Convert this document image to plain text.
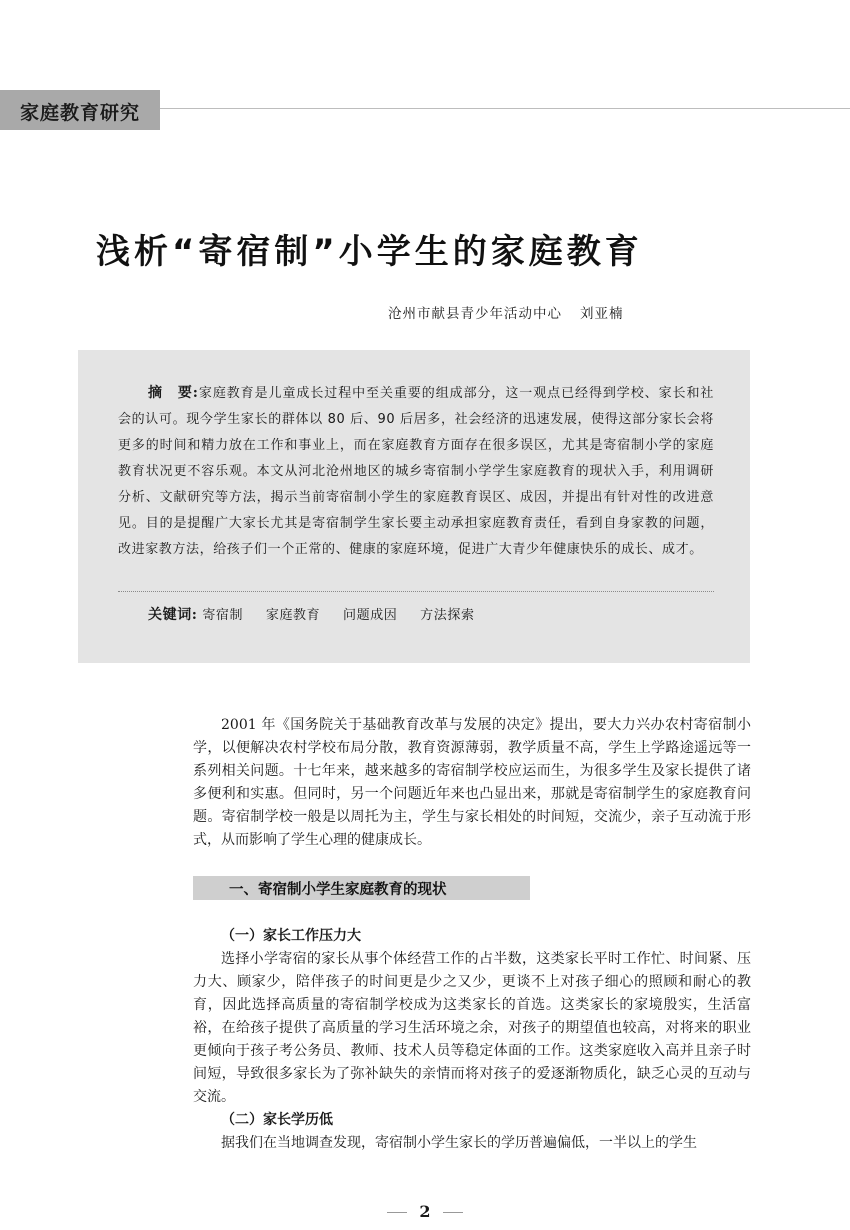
家庭教育研究
浅析“寄宿制”小学生的家庭教育
沧州市献县青少年活动中心 刘亚楠
摘　要:家庭教育是儿童成长过程中至关重要的组成部分，这一观点已经得到学校、家长和社会的认可。现今学生家长的群体以 80 后、90 后居多，社会经济的迅速发展，使得这部分家长会将更多的时间和精力放在工作和事业上，而在家庭教育方面存在很多误区，尤其是寄宿制小学的家庭教育状况更不容乐观。本文从河北沧州地区的城乡寄宿制小学学生家庭教育的现状入手，利用调研分析、文献研究等方法，揭示当前寄宿制小学生的家庭教育误区、成因，并提出有针对性的改进意见。目的是提醒广大家长尤其是寄宿制学生家长要主动承担家庭教育责任，看到自身家教的问题，改进家教方法，给孩子们一个正常的、健康的家庭环境，促进广大青少年健康快乐的成长、成才。
关键词: 寄宿制 家庭教育 问题成因 方法探索

2001 年《国务院关于基础教育改革与发展的决定》提出，要大力兴办农村寄宿制小学，以便解决农村学校布局分散，教育资源薄弱，教学质量不高，学生上学路途遥远等一系列相关问题。十七年来，越来越多的寄宿制学校应运而生，为很多学生及家长提供了诸多便利和实惠。但同时，另一个问题近年来也凸显出来，那就是寄宿制学生的家庭教育问题。寄宿制学校一般是以周托为主，学生与家长相处的时间短，交流少，亲子互动流于形式，从而影响了学生心理的健康成长。

一、寄宿制小学生家庭教育的现状

（一）家长工作压力大

选择小学寄宿的家长从事个体经营工作的占半数，这类家长平时工作忙、时间紧、压力大、顾家少，陪伴孩子的时间更是少之又少，更谈不上对孩子细心的照顾和耐心的教育，因此选择高质量的寄宿制学校成为这类家长的首选。这类家长的家境殷实，生活富裕，在给孩子提供了高质量的学习生活环境之余，对孩子的期望值也较高，对将来的职业更倾向于孩子考公务员、教师、技术人员等稳定体面的工作。这类家庭收入高并且亲子时间短，导致很多家长为了弥补缺失的亲情而将对孩子的爱逐渐物质化，缺乏心灵的互动与交流。

（二）家长学历低

据我们在当地调查发现，寄宿制小学生家长的学历普遍偏低，一半以上的学生

2
